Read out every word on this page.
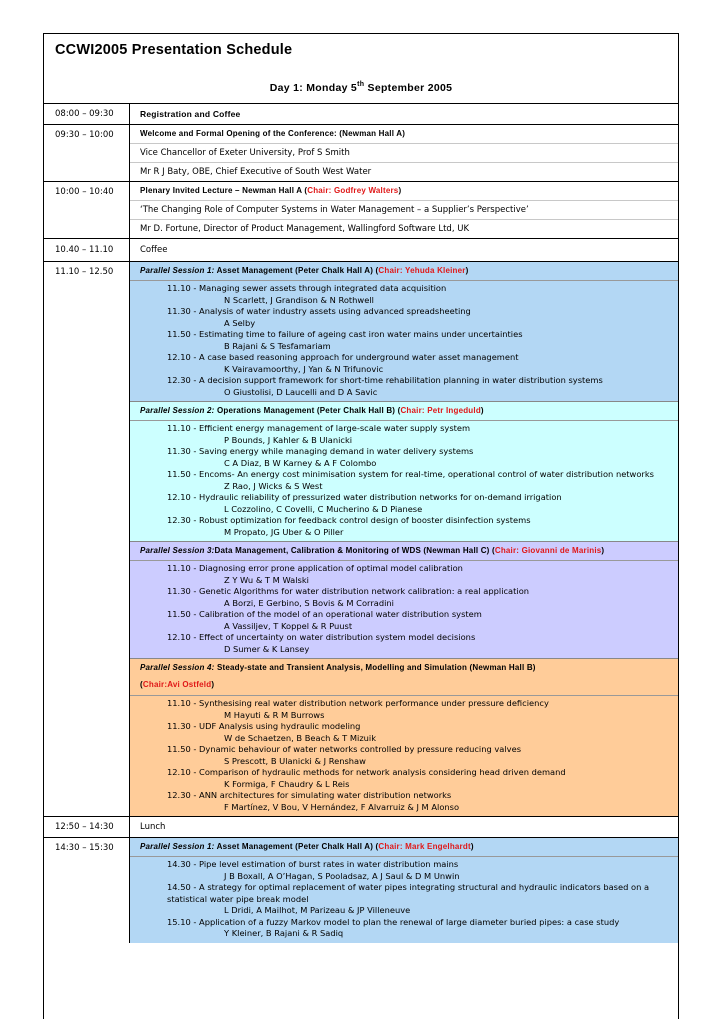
CCWI2005 Presentation Schedule
Day 1: Monday 5th September 2005
08:00 – 09:30	Registration and Coffee
09:30 – 10:00	Welcome and Formal Opening of the Conference: (Newman Hall A)
Vice Chancellor of Exeter University, Prof S Smith
Mr R J Baty, OBE, Chief Executive of South West Water
10:00 – 10:40	Plenary Invited Lecture – Newman Hall A (Chair: Godfrey Walters)
‘The Changing Role of Computer Systems in Water Management – a Supplier’s Perspective’
Mr D. Fortune, Director of Product Management, Wallingford Software Ltd, UK
10.40 – 11.10	Coffee
11.10 – 12.50	Parallel Session 1: Asset Management (Peter Chalk Hall A) (Chair: Yehuda Kleiner)
11.10 - Managing sewer assets through integrated data acquisition
N Scarlett, J Grandison & N Rothwell
11.30 - Analysis of water industry assets using advanced spreadsheeting
A Selby
11.50 - Estimating time to failure of ageing cast iron water mains under uncertainties
B Rajani & S Tesfamariam
12.10 - A case based reasoning approach for underground water asset management
K Vairavamoorthy, J Yan & N Trifunovic
12.30 - A decision support framework for short-time rehabilitation planning in water distribution systems
O Giustolisi, D Laucelli and D A Savic
Parallel Session 2: Operations Management (Peter Chalk Hall B) (Chair: Petr Ingeduld)
11.10 - Efficient energy management of large-scale water supply system
P Bounds, J Kahler & B Ulanicki
11.30 - Saving energy while managing demand in water delivery systems
C A Diaz, B W Karney & A F Colombo
11.50 - Encoms- An energy cost minimisation system for real-time, operational control of water distribution networks
Z Rao, J Wicks & S West
12.10 - Hydraulic reliability of pressurized water distribution networks for on-demand irrigation
L Cozzolino, C Covelli, C Mucherino & D Pianese
12.30 - Robust optimization for feedback control design of booster disinfection systems
M Propato, JG Uber & O Piller
Parallel Session 3:Data Management, Calibration & Monitoring of WDS (Newman Hall C) (Chair: Giovanni de Marinis)
11.10 - Diagnosing error prone application of optimal model calibration
Z Y Wu & T M Walski
11.30 - Genetic Algorithms for water distribution network calibration: a real application
A Borzi, E Gerbino, S Bovis & M Corradini
11.50 - Calibration of the model of an operational water distribution system
A Vassiljev, T Koppel & R Puust
12.10 - Effect of uncertainty on water distribution system model decisions
D Sumer & K Lansey
Parallel Session 4: Steady-state and Transient Analysis, Modelling and Simulation (Newman Hall B)
(Chair:Avi Ostfeld)
11.10 - Synthesising real water distribution network performance under pressure deficiency
M Hayuti & R M Burrows
11.30 - UDF Analysis using hydraulic modeling
W de Schaetzen, B Beach & T Mizuik
11.50 - Dynamic behaviour of water networks controlled by pressure reducing valves
S Prescott, B Ulanicki & J Renshaw
12.10 - Comparison of hydraulic methods for network analysis considering head driven demand
K Formiga, F Chaudry & L Reis
12.30 - ANN architectures for simulating water distribution networks
F Martínez, V Bou, V Hernández, F Alvarruiz & J M Alonso
12:50 – 14:30	Lunch
14:30 – 15:30	Parallel Session 1: Asset Management (Peter Chalk Hall A) (Chair: Mark Engelhardt)
14.30 - Pipe level estimation of burst rates in water distribution mains
J B Boxall, A O’Hagan, S Pooladsaz, A J Saul & D M Unwin
14.50 - A strategy for optimal replacement of water pipes integrating structural and hydraulic indicators based on a statistical water pipe break model
L Dridi, A Mailhot, M Parizeau & JP Villeneuve
15.10 - Application of a fuzzy Markov model to plan the renewal of large diameter buried pipes: a case study
Y Kleiner, B Rajani & R Sadiq
